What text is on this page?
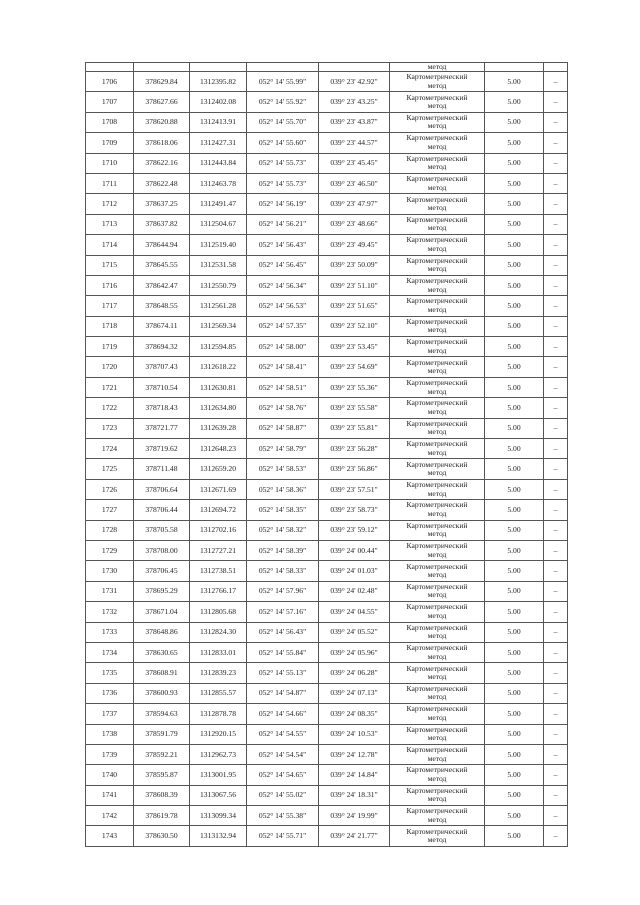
					метод		
1706	378629.84	1312395.82	052° 14' 55.99"	039° 23' 42.92"	Картометрический
метод	5.00	–
1707	378627.66	1312402.08	052° 14' 55.92"	039° 23' 43.25"	Картометрический
метод	5.00	–
1708	378620.88	1312413.91	052° 14' 55.70"	039° 23' 43.87"	Картометрический
метод	5.00	–
1709	378618.06	1312427.31	052° 14' 55.60"	039° 23' 44.57"	Картометрический
метод	5.00	–
1710	378622.16	1312443.84	052° 14' 55.73"	039° 23' 45.45"	Картометрический
метод	5.00	–
1711	378622.48	1312463.78	052° 14' 55.73"	039° 23' 46.50"	Картометрический
метод	5.00	–
1712	378637.25	1312491.47	052° 14' 56.19"	039° 23' 47.97"	Картометрический
метод	5.00	–
1713	378637.82	1312504.67	052° 14' 56.21"	039° 23' 48.66"	Картометрический
метод	5.00	–
1714	378644.94	1312519.40	052° 14' 56.43"	039° 23' 49.45"	Картометрический
метод	5.00	–
1715	378645.55	1312531.58	052° 14' 56.45"	039° 23' 50.09"	Картометрический
метод	5.00	–
1716	378642.47	1312550.79	052° 14' 56.34"	039° 23' 51.10"	Картометрический
метод	5.00	–
1717	378648.55	1312561.28	052° 14' 56.53"	039° 23' 51.65"	Картометрический
метод	5.00	–
1718	378674.11	1312569.34	052° 14' 57.35"	039° 23' 52.10"	Картометрический
метод	5.00	–
1719	378694.32	1312594.85	052° 14' 58.00"	039° 23' 53.45"	Картометрический
метод	5.00	–
1720	378707.43	1312618.22	052° 14' 58.41"	039° 23' 54.69"	Картометрический
метод	5.00	–
1721	378710.54	1312630.81	052° 14' 58.51"	039° 23' 55.36"	Картометрический
метод	5.00	–
1722	378718.43	1312634.80	052° 14' 58.76"	039° 23' 55.58"	Картометрический
метод	5.00	–
1723	378721.77	1312639.28	052° 14' 58.87"	039° 23' 55.81"	Картометрический
метод	5.00	–
1724	378719.62	1312648.23	052° 14' 58.79"	039° 23' 56.28"	Картометрический
метод	5.00	–
1725	378711.48	1312659.20	052° 14' 58.53"	039° 23' 56.86"	Картометрический
метод	5.00	–
1726	378706.64	1312671.69	052° 14' 58.36"	039° 23' 57.51"	Картометрический
метод	5.00	–
1727	378706.44	1312694.72	052° 14' 58.35"	039° 23' 58.73"	Картометрический
метод	5.00	–
1728	378705.58	1312702.16	052° 14' 58.32"	039° 23' 59.12"	Картометрический
метод	5.00	–
1729	378708.00	1312727.21	052° 14' 58.39"	039° 24' 00.44"	Картометрический
метод	5.00	–
1730	378706.45	1312738.51	052° 14' 58.33"	039° 24' 01.03"	Картометрический
метод	5.00	–
1731	378695.29	1312766.17	052° 14' 57.96"	039° 24' 02.48"	Картометрический
метод	5.00	–
1732	378671.04	1312805.68	052° 14' 57.16"	039° 24' 04.55"	Картометрический
метод	5.00	–
1733	378648.86	1312824.30	052° 14' 56.43"	039° 24' 05.52"	Картометрический
метод	5.00	–
1734	378630.65	1312833.01	052° 14' 55.84"	039° 24' 05.96"	Картометрический
метод	5.00	–
1735	378608.91	1312839.23	052° 14' 55.13"	039° 24' 06.28"	Картометрический
метод	5.00	–
1736	378600.93	1312855.57	052° 14' 54.87"	039° 24' 07.13"	Картометрический
метод	5.00	–
1737	378594.63	1312878.78	052° 14' 54.66"	039° 24' 08.35"	Картометрический
метод	5.00	–
1738	378591.79	1312920.15	052° 14' 54.55"	039° 24' 10.53"	Картометрический
метод	5.00	–
1739	378592.21	1312962.73	052° 14' 54.54"	039° 24' 12.78"	Картометрический
метод	5.00	–
1740	378595.87	1313001.95	052° 14' 54.65"	039° 24' 14.84"	Картометрический
метод	5.00	–
1741	378608.39	1313067.56	052° 14' 55.02"	039° 24' 18.31"	Картометрический
метод	5.00	–
1742	378619.78	1313099.34	052° 14' 55.38"	039° 24' 19.99"	Картометрический
метод	5.00	–
1743	378630.50	1313132.94	052° 14' 55.71"	039° 24' 21.77"	Картометрический
метод	5.00	–
